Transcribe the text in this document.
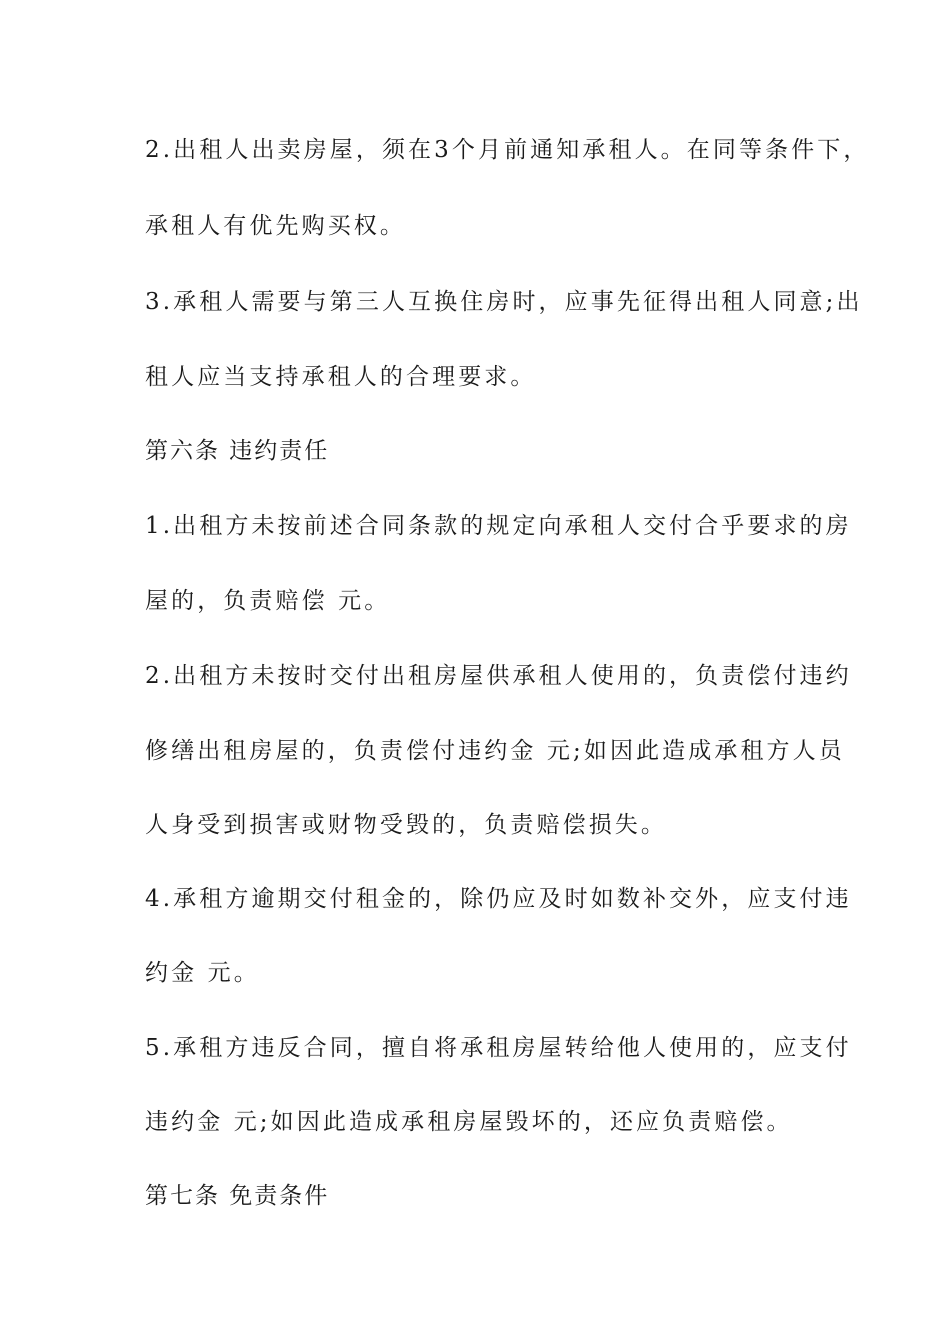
2.出租人出卖房屋，须在3个月前通知承租人。在同等条件下，
承租人有优先购买权。
3.承租人需要与第三人互换住房时，应事先征得出租人同意;出
租人应当支持承租人的合理要求。
第六条 违约责任
1.出租方未按前述合同条款的规定向承租人交付合乎要求的房
屋的，负责赔偿 元。
2.出租方未按时交付出租房屋供承租人使用的，负责偿付违约
修缮出租房屋的，负责偿付违约金 元;如因此造成承租方人员
人身受到损害或财物受毁的，负责赔偿损失。
4.承租方逾期交付租金的，除仍应及时如数补交外，应支付违
约金 元。
5.承租方违反合同，擅自将承租房屋转给他人使用的，应支付
违约金 元;如因此造成承租房屋毁坏的，还应负责赔偿。
第七条 免责条件
